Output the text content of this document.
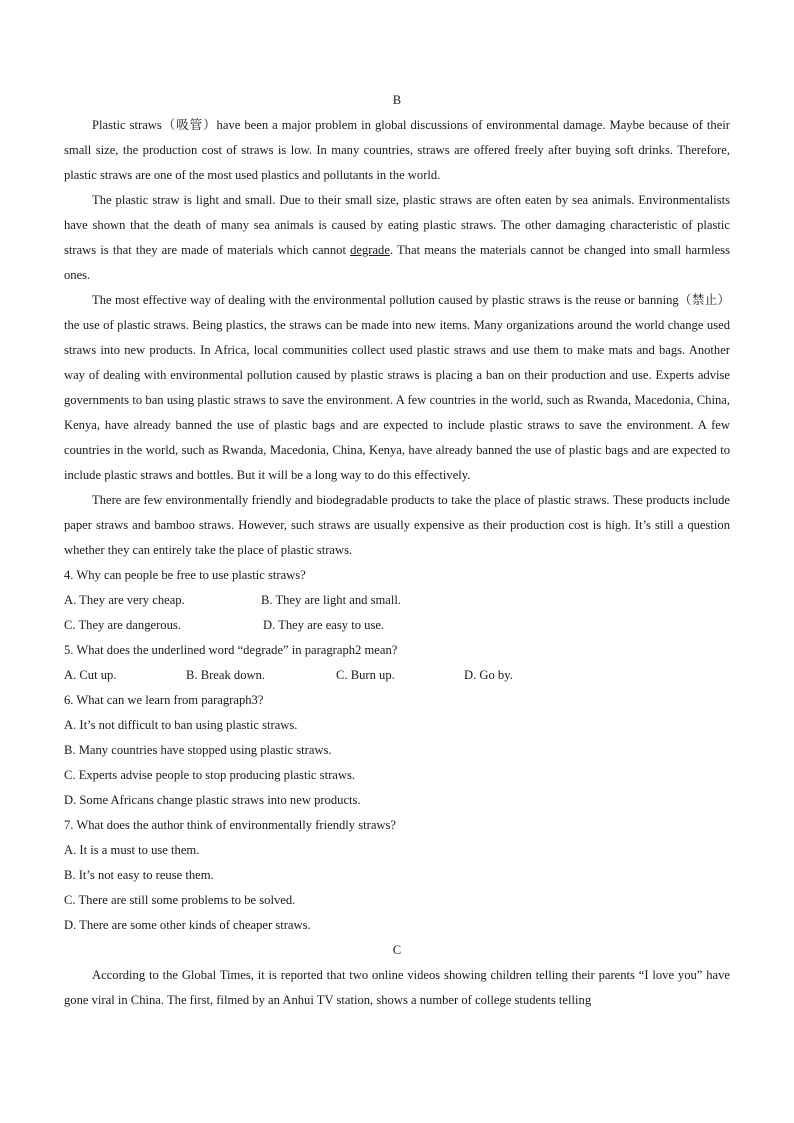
B
Plastic straws（吸管）have been a major problem in global discussions of environmental damage. Maybe because of their small size, the production cost of straws is low. In many countries, straws are offered freely after buying soft drinks. Therefore, plastic straws are one of the most used plastics and pollutants in the world.
The plastic straw is light and small. Due to their small size, plastic straws are often eaten by sea animals. Environmentalists have shown that the death of many sea animals is caused by eating plastic straws. The other damaging characteristic of plastic straws is that they are made of materials which cannot degrade. That means the materials cannot be changed into small harmless ones.
The most effective way of dealing with the environmental pollution caused by plastic straws is the reuse or banning（禁止）the use of plastic straws. Being plastics, the straws can be made into new items. Many organizations around the world change used straws into new products. In Africa, local communities collect used plastic straws and use them to make mats and bags. Another way of dealing with environmental pollution caused by plastic straws is placing a ban on their production and use. Experts advise governments to ban using plastic straws to save the environment. A few countries in the world, such as Rwanda, Macedonia, China, Kenya, have already banned the use of plastic bags and are expected to include plastic straws to save the environment. A few countries in the world, such as Rwanda, Macedonia, China, Kenya, have already banned the use of plastic bags and are expected to include plastic straws and bottles. But it will be a long way to do this effectively.
There are few environmentally friendly and biodegradable products to take the place of plastic straws. These products include paper straws and bamboo straws. However, such straws are usually expensive as their production cost is high. It’s still a question whether they can entirely take the place of plastic straws.
4. Why can people be free to use plastic straws?
A. They are very cheap.	B. They are light and small.
C. They are dangerous.	D. They are easy to use.
5. What does the underlined word “degrade” in paragraph2 mean?
A. Cut up.	B. Break down.	C. Burn up.	D. Go by.
6. What can we learn from paragraph3?
A. It’s not difficult to ban using plastic straws.
B. Many countries have stopped using plastic straws.
C. Experts advise people to stop producing plastic straws.
D. Some Africans change plastic straws into new products.
7. What does the author think of environmentally friendly straws?
A. It is a must to use them.
B. It’s not easy to reuse them.
C. There are still some problems to be solved.
D. There are some other kinds of cheaper straws.
C
According to the Global Times, it is reported that two online videos showing children telling their parents “I love you” have gone viral in China. The first, filmed by an Anhui TV station, shows a number of college students telling
